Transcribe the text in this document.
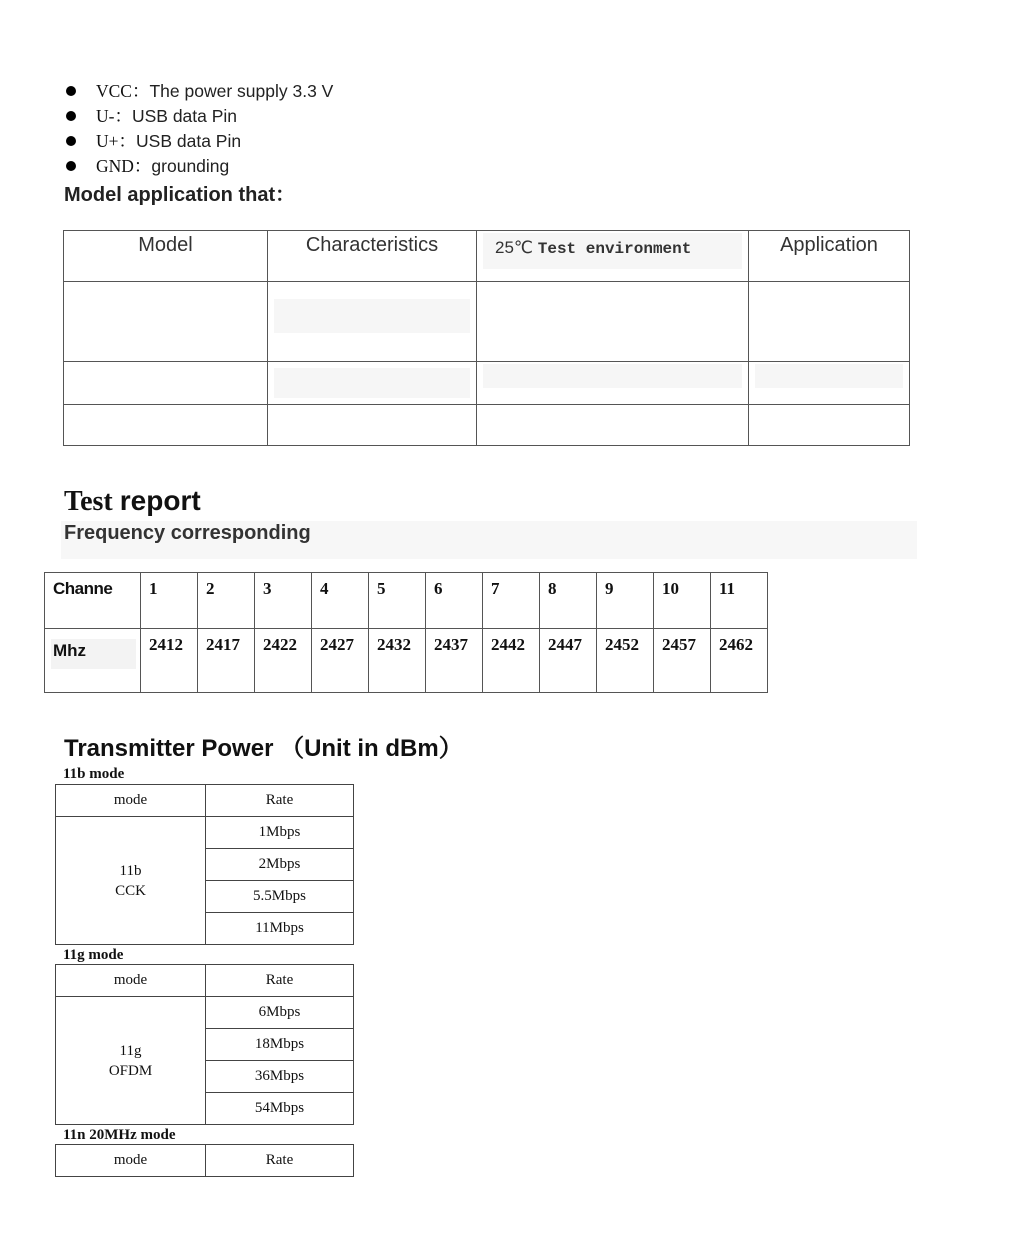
VCC：The power supply 3.3 V
U-：USB data Pin
U+：USB data Pin
GND：grounding
Model application that：
Model	Characteristics	25℃ Test environment	Application

Test report
Frequency corresponding
Channe	1	2	3	4	5	6	7	8	9	10	11

Mhz	2412	2417	2422	2427	2432	2437	2442	2447	2452	2457	2462
Transmitter Power （Unit in dBm）
11b mode
mode	Rate

11b
CCK	1Mbps
	2Mbps
	5.5Mbps
	11Mbps
11g mode
mode	Rate

11g
OFDM	6Mbps
	18Mbps
	36Mbps
	54Mbps
11n 20MHz mode
mode	Rate
